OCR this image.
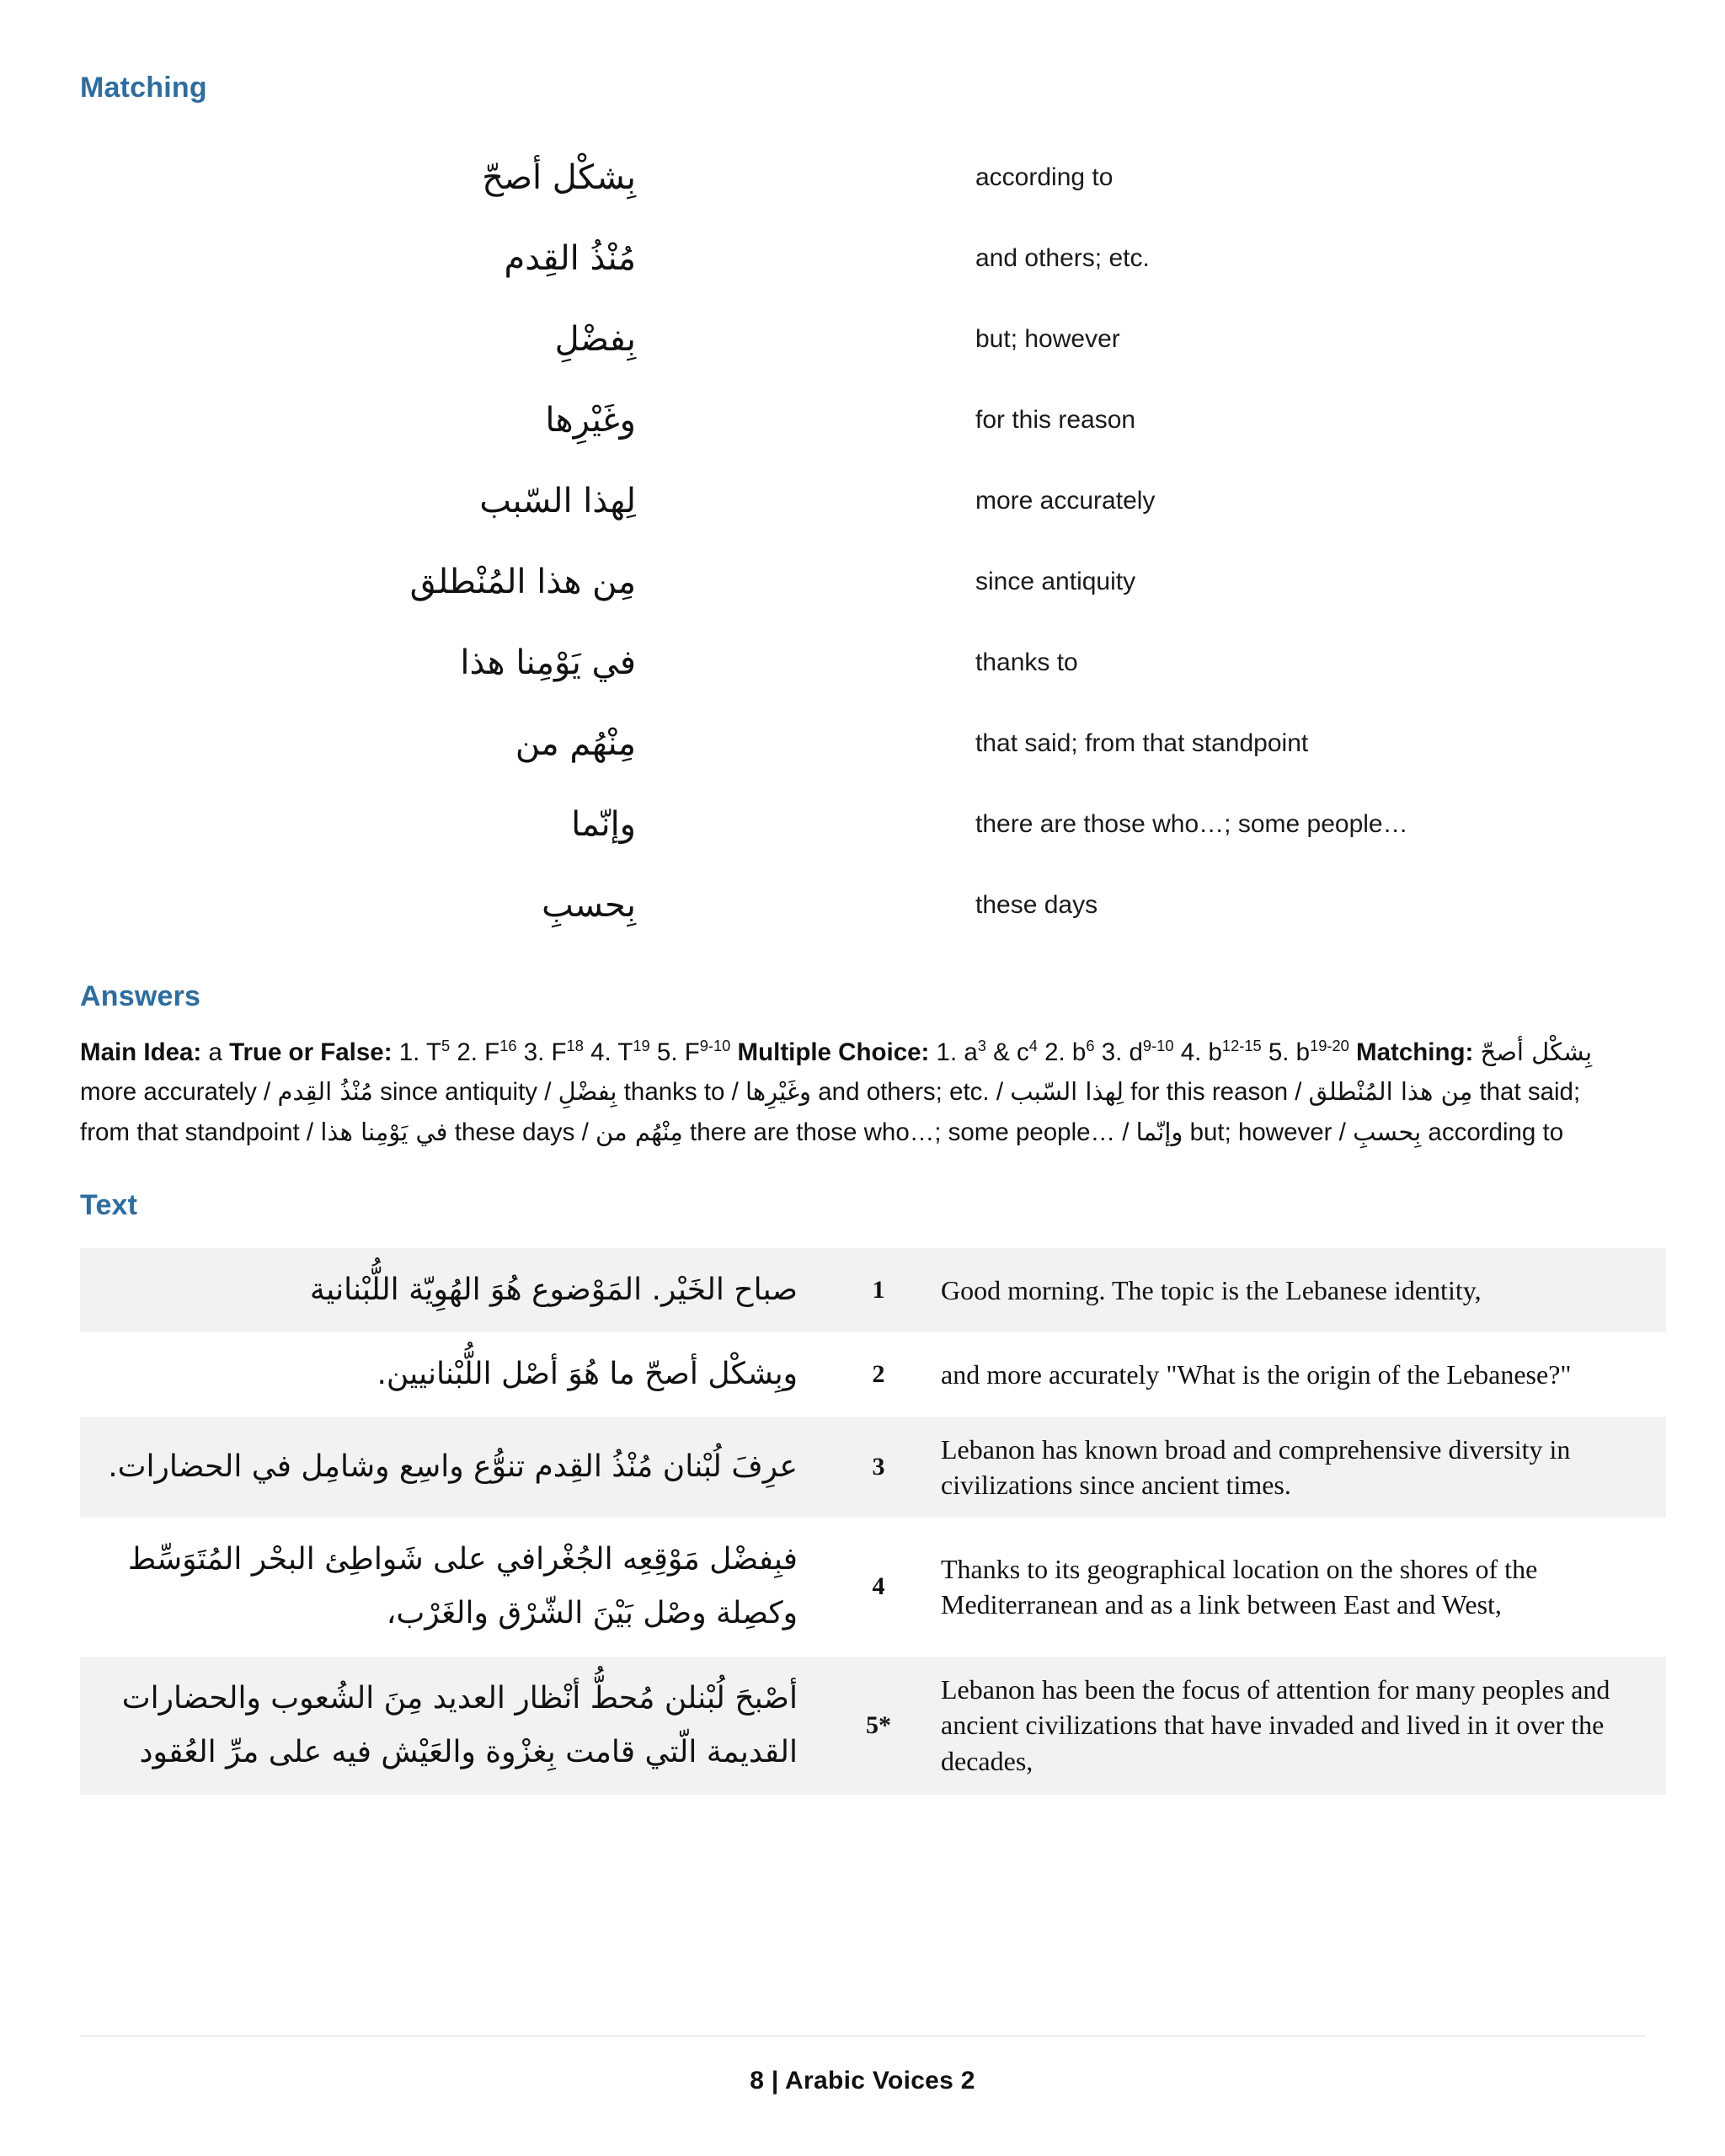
Matching
بِشكْل أصحّ	according to
مُنْذُ القِدم	and others; etc.
بِفضْلِ	but; however
وغَيْرِها	for this reason
لِهذا السّبب	more accurately
مِن هذا المُنْطلق	since antiquity
في يَوْمِنا هذا	thanks to
مِنْهُم من	that said; from that standpoint
وإنّما	there are those who…; some people…
بِحسبِ	these days
Answers
Main Idea: a True or False: 1. $T^5$ 2. $F^{16}$ 3. $F^{18}$ 4. $T^{19}$ 5. $F^{9-10}$ Multiple Choice: 1. $a^3$ & $c^4$ 2. $b^6$ 3. $d^{9-10}$ 4. $b^{12-15}$ 5. $b^{19-20}$ Matching: بِشكْل أصحّ more accurately / مُنْذُ القِدم since antiquity / بِفضْلِ thanks to / وغَيْرِها and others; etc. / لِهذا السّبب for this reason / مِن هذا المُنْطلق that said; from that standpoint / في يَوْمِنا هذا these days / مِنْهُم من there are those who…; some people… / وإنّما but; however / بِحسبِ according to
Text
صباح الخَيْر. المَوْضوع هُوَ الهُوِيّة اللُّبْنانية	1	Good morning. The topic is the Lebanese identity,
وبِشكْل أصحّ ما هُوَ أصْل اللُّبْنانيين.	2	and more accurately "What is the origin of the Lebanese?"
عرِفَ لُبْنان مُنْذُ القِدم تنوُّع واسِع وشامِل في الحضارات.	3	Lebanon has known broad and comprehensive diversity in civilizations since ancient times.
فبِفضْل مَوْقِعِه الجُغْرافي على شَواطِئ البحْر المُتَوَسِّط وكصِلة وصْل بَيْنَ الشّرْق والغَرْب،	4	Thanks to its geographical location on the shores of the Mediterranean and as a link between East and West,
أصْبحَ لُبْنلن مُحطُّ أنْظار العديد مِنَ الشُعوب والحضارات القديمة الّتي قامت بِغزْوة والعَيْش فيه على مرِّ العُقود	5*	Lebanon has been the focus of attention for many peoples and ancient civilizations that have invaded and lived in it over the decades,
8 | Arabic Voices 2
